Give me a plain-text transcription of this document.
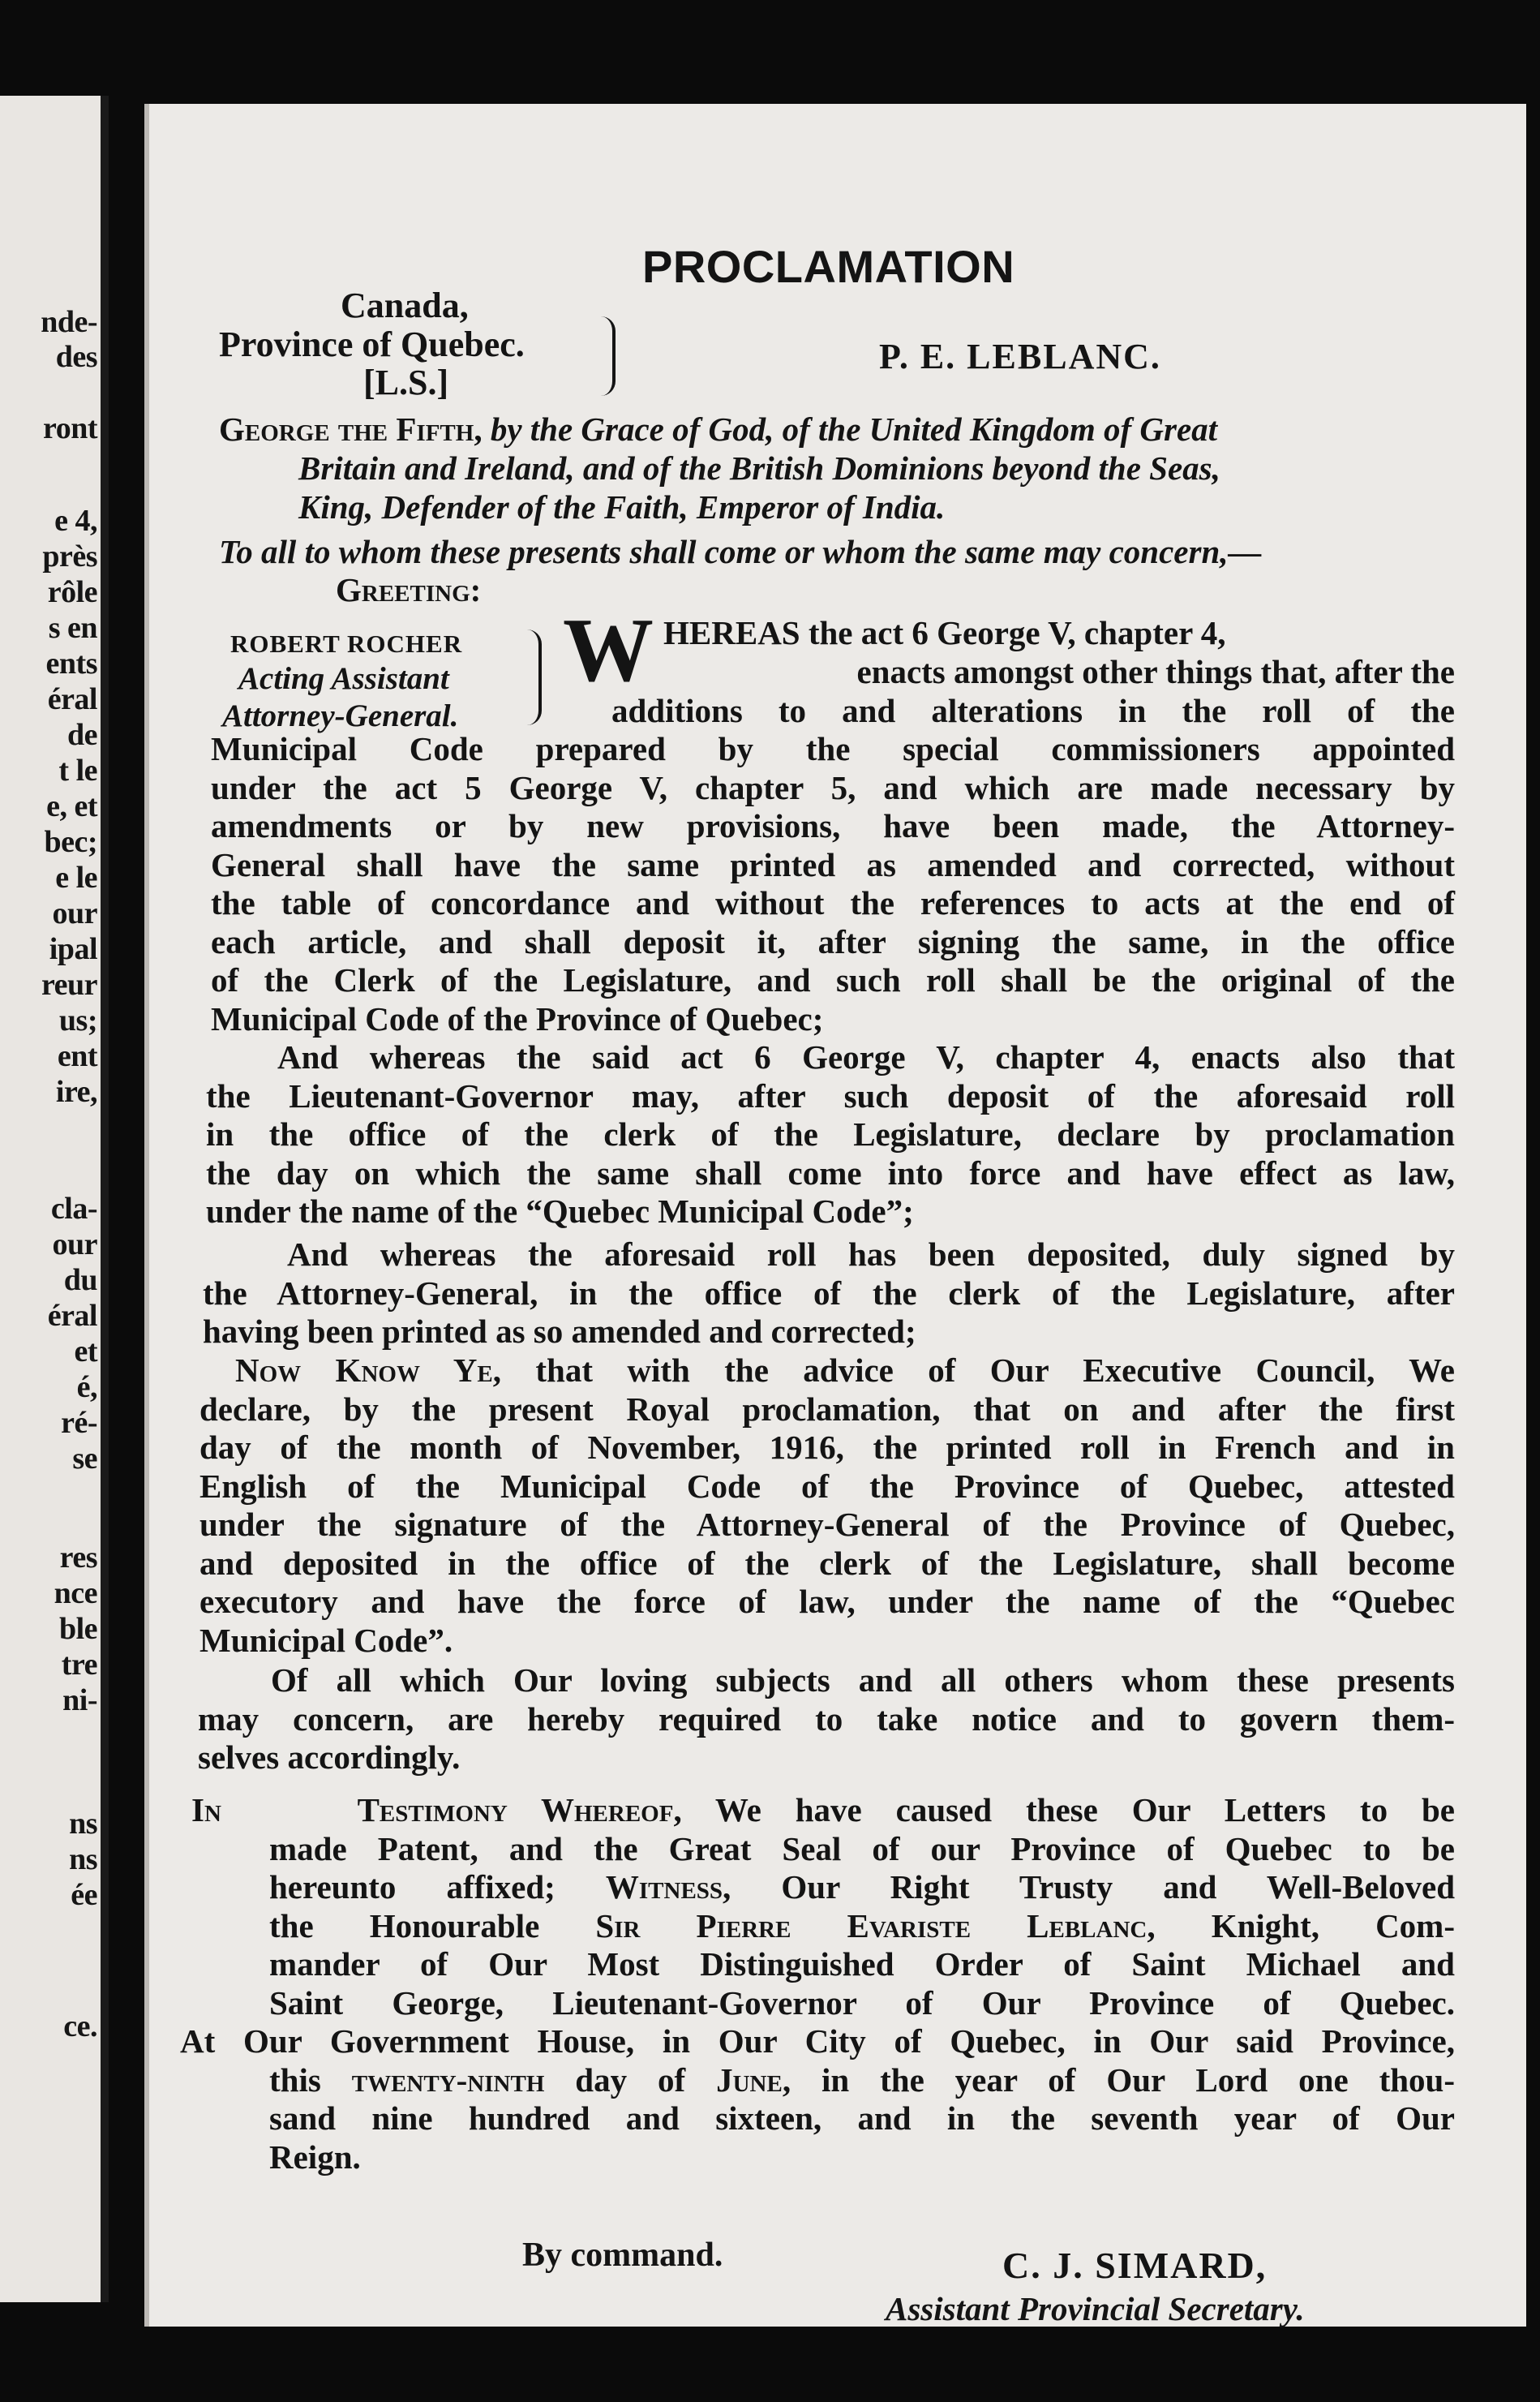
nde-
des
ront
e 4,
près
rôle
s en
ents
éral
de
t le
e, et
bec;
e le
our
ipal
reur
us;
ent
ire,
cla-
our
du
éral
et
é,
ré-
se
res
nce
ble
tre
ni-
ns
ns
ée
ce.
PROCLAMATION
Canada,
Province of Quebec.
[L.S.]
P. E. LEBLANC.
George the Fifth, by the Grace of God, of the United Kingdom of Great
Britain and Ireland, and of the British Dominions beyond the Seas,
King, Defender of the Faith, Emperor of India.
To all to whom these presents shall come or whom the same may concern,—
Greeting:
ROBERT ROCHER
Acting Assistant
Attorney-General.
W HEREAS the act 6 George V, chapter 4,
enacts amongst other things that, after the
additions to and alterations in the roll of the
Municipal Code prepared by the special commissioners appointed
under the act 5 George V, chapter 5, and which are made necessary by
amendments or by new provisions, have been made, the Attorney-
General shall have the same printed as amended and corrected, without
the table of concordance and without the references to acts at the end of
each article, and shall deposit it, after signing the same, in the office
of the Clerk of the Legislature, and such roll shall be the original of the
Municipal Code of the Province of Quebec;
And whereas the said act 6 George V, chapter 4, enacts also that
the Lieutenant-Governor may, after such deposit of the aforesaid roll
in the office of the clerk of the Legislature, declare by proclamation
the day on which the same shall come into force and have effect as law,
under the name of the “Quebec Municipal Code”;
And whereas the aforesaid roll has been deposited, duly signed by
the Attorney-General, in the office of the clerk of the Legislature, after
having been printed as so amended and corrected;
Now Know Ye, that with the advice of Our Executive Council, We
declare, by the present Royal proclamation, that on and after the first
day of the month of November, 1916, the printed roll in French and in
English of the Municipal Code of the Province of Quebec, attested
under the signature of the Attorney-General of the Province of Quebec,
and deposited in the office of the clerk of the Legislature, shall become
executory and have the force of law, under the name of the “Quebec
Municipal Code”.
Of all which Our loving subjects and all others whom these presents
may concern, are hereby required to take notice and to govern them-
selves accordingly.
In	Testimony Whereof, We have caused these Our Letters to be
made Patent, and the Great Seal of our Province of Quebec to be
hereunto affixed; Witness, Our Right Trusty and Well-Beloved
the Honourable Sir Pierre Evariste Leblanc, Knight, Com-
mander of Our Most Distinguished Order of Saint Michael and
Saint George, Lieutenant-Governor of Our Province of Quebec.
At Our Government House, in Our City of Quebec, in Our said Province,
this twenty-ninth day of June, in the year of Our Lord one thou-
sand nine hundred and sixteen, and in the seventh year of Our
Reign.
By command.	C. J. SIMARD,
Assistant Provincial Secretary.
